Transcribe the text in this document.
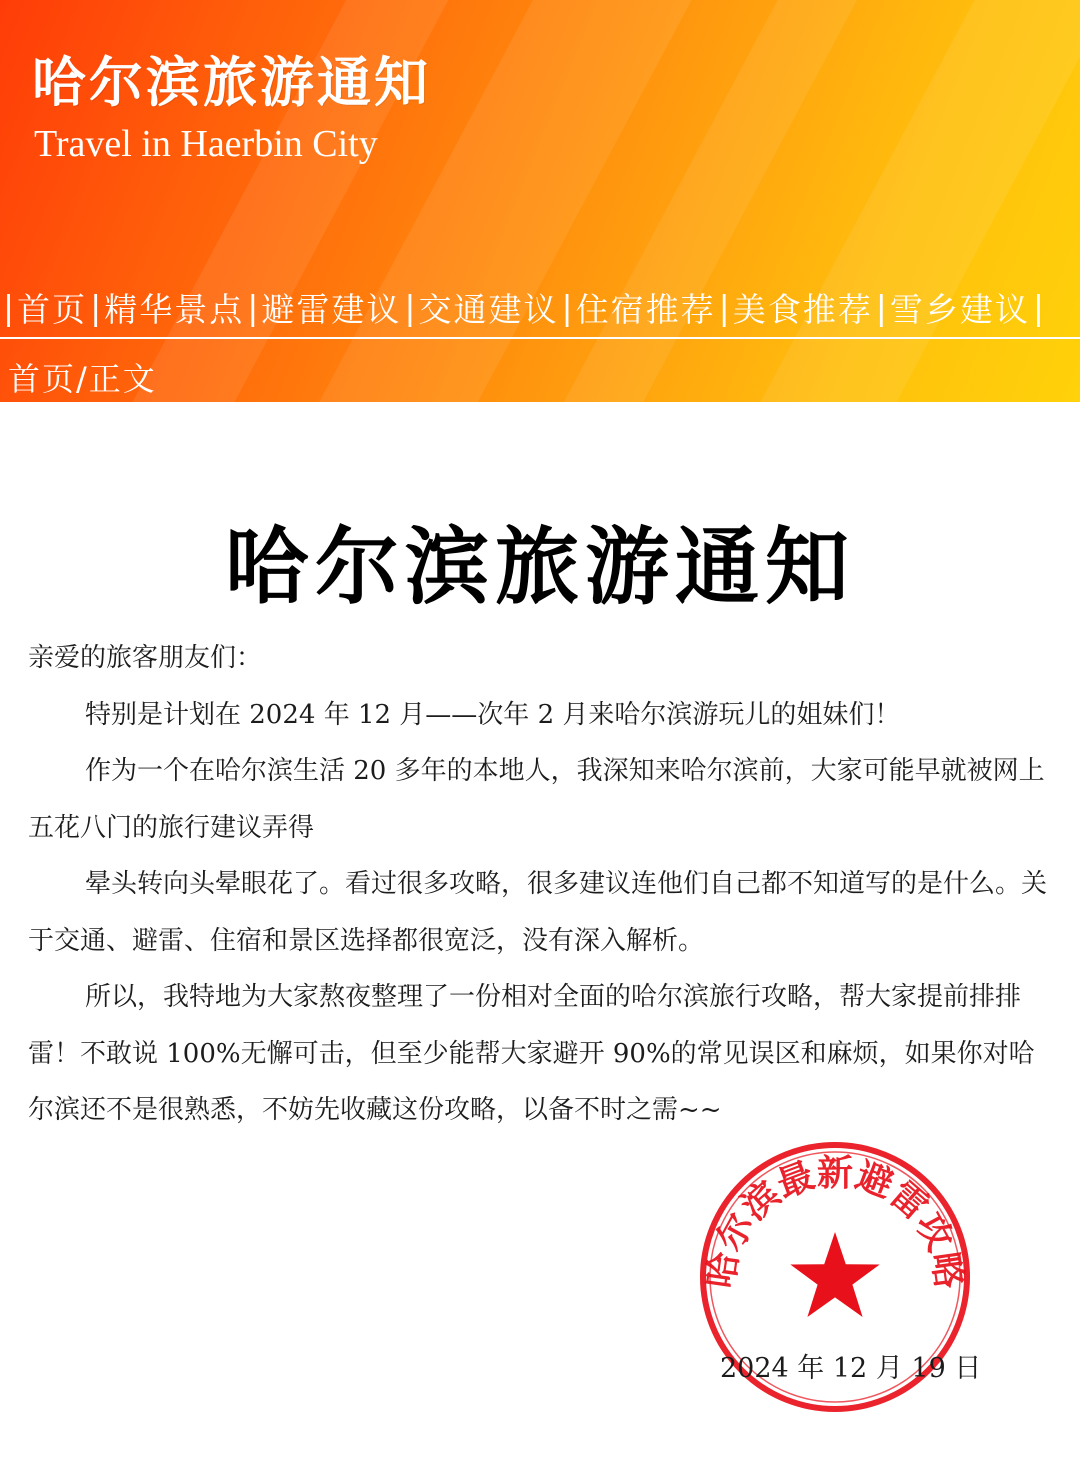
哈尔滨旅游通知
Travel in Haerbin City
| 首页 | 精华景点 | 避雷建议 | 交通建议 | 住宿推荐 | 美食推荐 | 雪乡建议 |
首页/正文
哈尔滨旅游通知

亲爱的旅客朋友们：

特别是计划在 2024 年 12 月——次年 2 月来哈尔滨游玩儿的姐妹们！

作为一个在哈尔滨生活 20 多年的本地人，我深知来哈尔滨前，大家可能早就被网上五花八门的旅行建议弄得

晕头转向头晕眼花了。看过很多攻略，很多建议连他们自己都不知道写的是什么。关于交通、避雷、住宿和景区选择都很宽泛，没有深入解析。

所以，我特地为大家熬夜整理了一份相对全面的哈尔滨旅行攻略，帮大家提前排排雷！不敢说 100%无懈可击，但至少能帮大家避开 90%的常见误区和麻烦，如果你对哈尔滨还不是很熟悉，不妨先收藏这份攻略，以备不时之需~~

哈尔滨最新避雷攻略
2024 年 12 月 19 日
